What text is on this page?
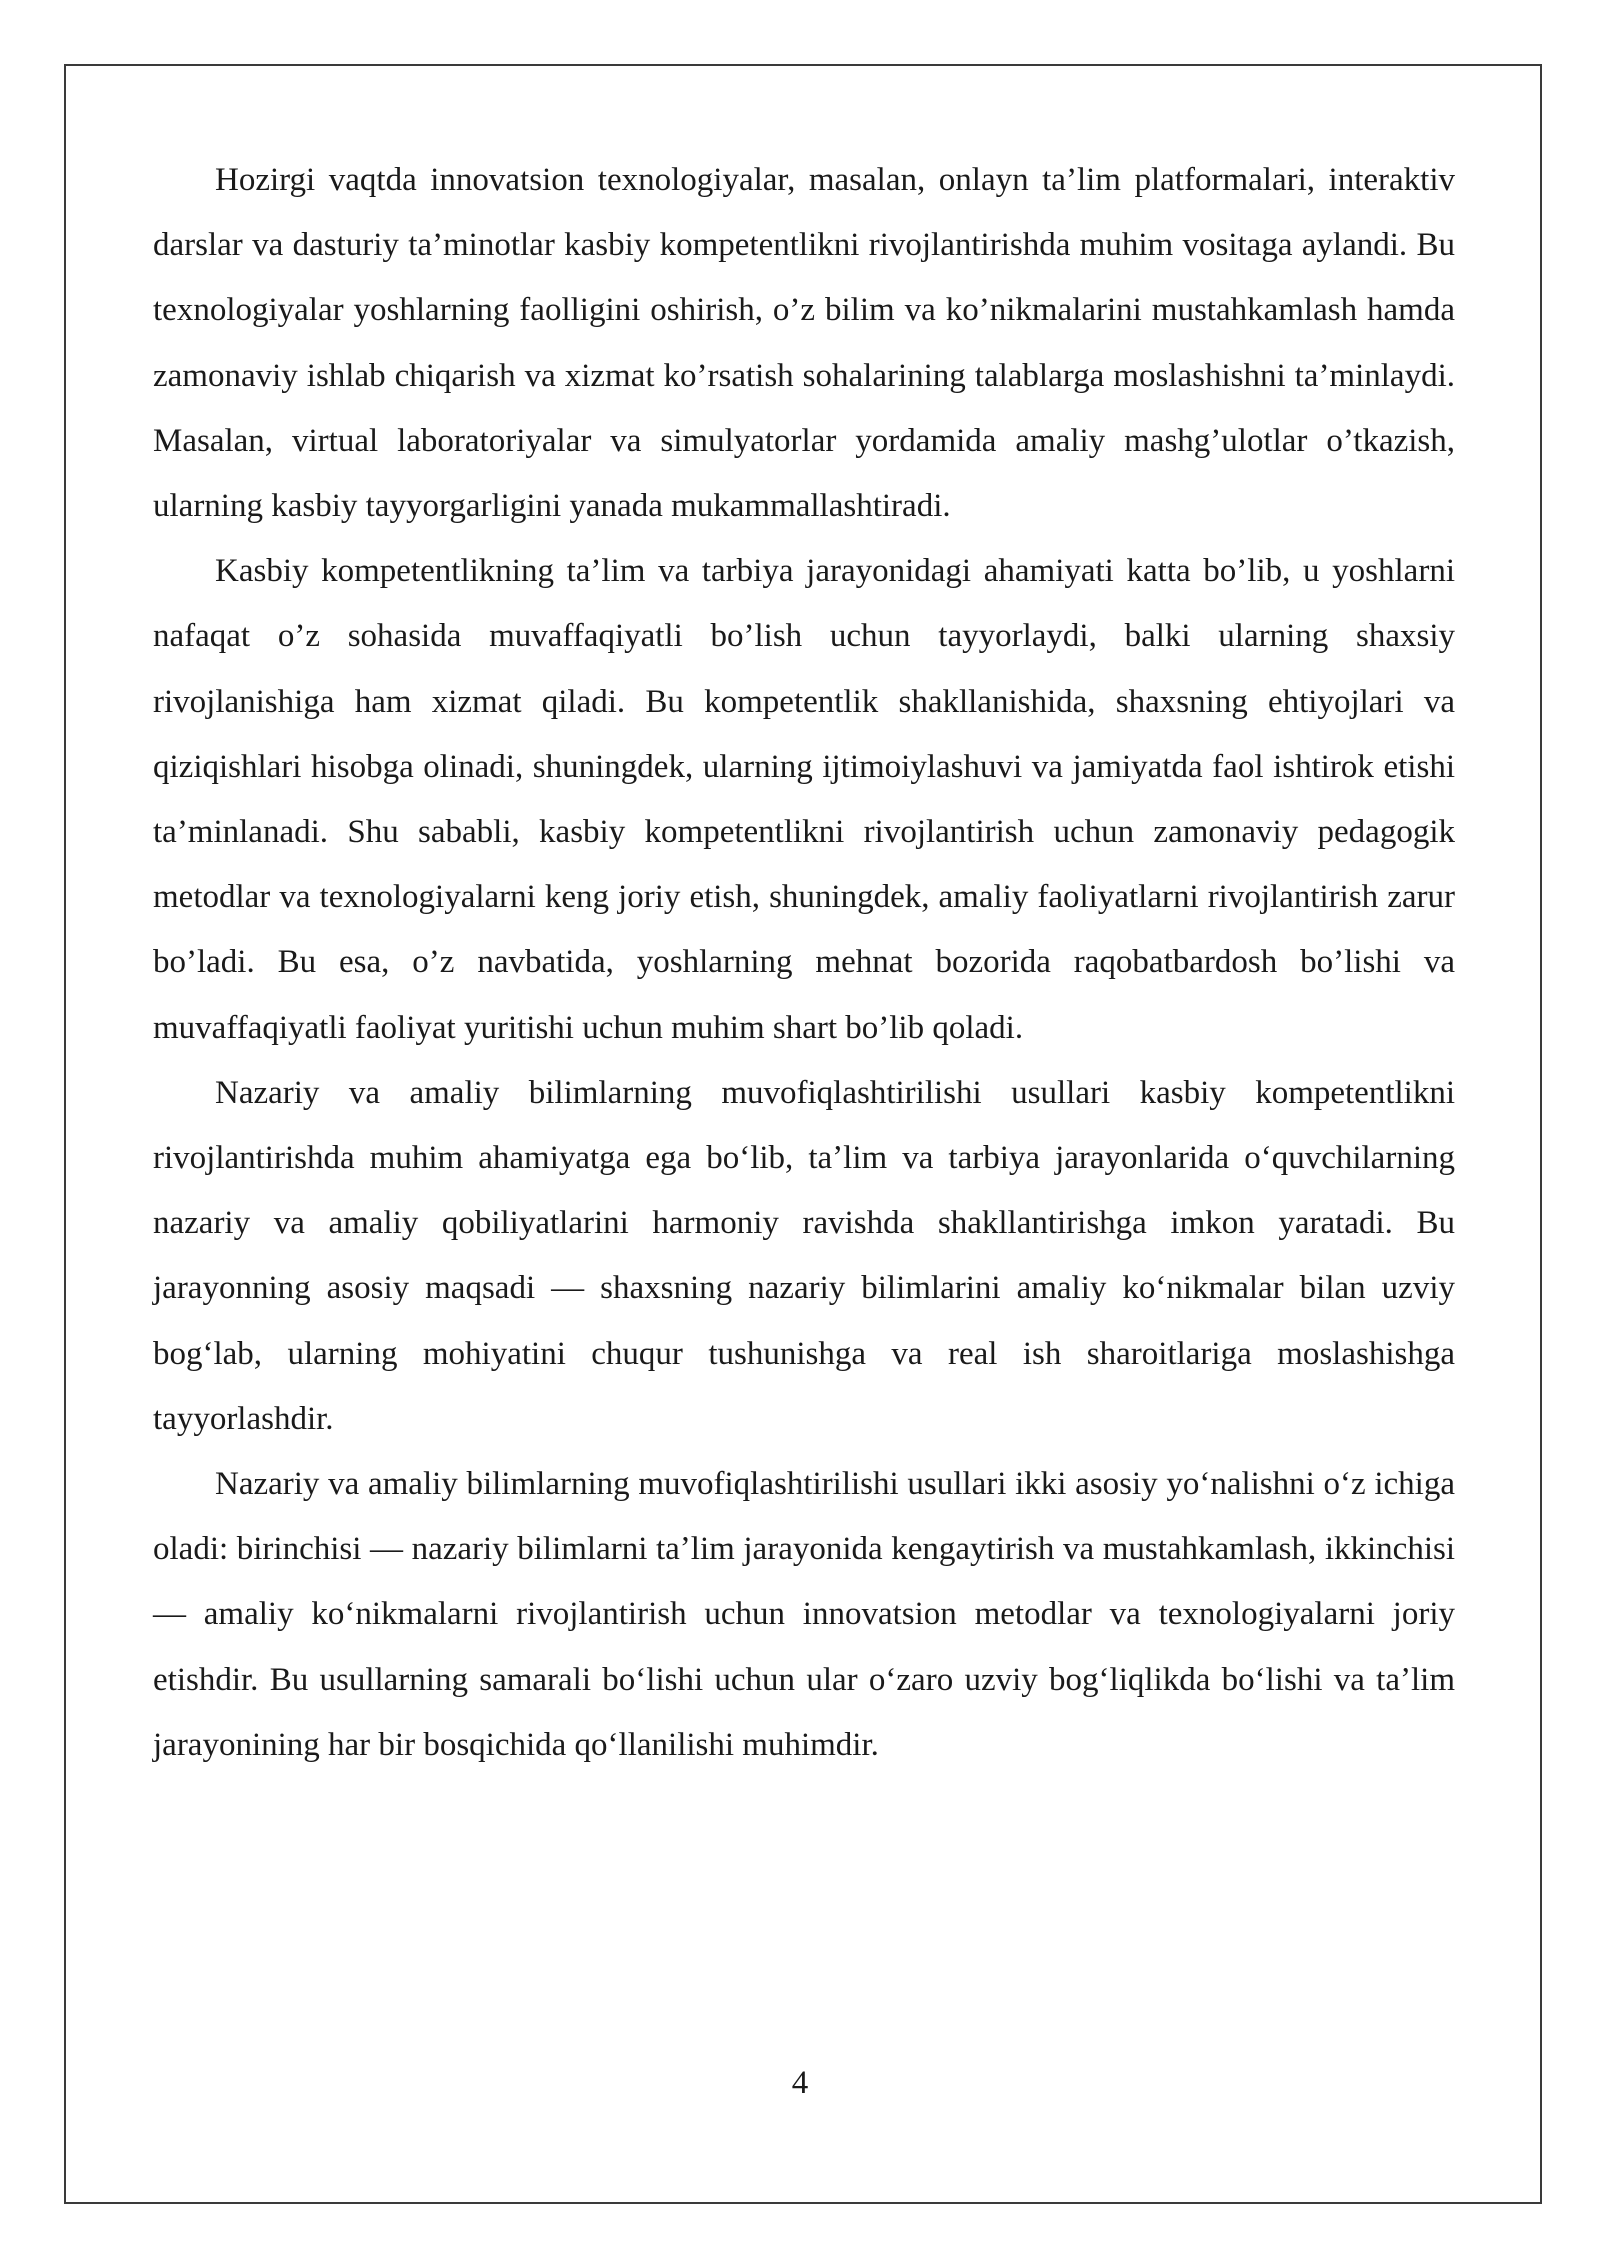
Hozirgi vaqtda innovatsion texnologiyalar, masalan, onlayn ta’lim platformalari, interaktiv darslar va dasturiy ta’minotlar kasbiy kompetentlikni rivojlantirishda muhim vositaga aylandi. Bu texnologiyalar yoshlarning faolligini oshirish, o’z bilim va ko’nikmalarini mustahkamlash hamda zamonaviy ishlab chiqarish va xizmat ko’rsatish sohalarining talablarga moslashishni ta’minlaydi. Masalan, virtual laboratoriyalar va simulyatorlar yordamida amaliy mashg’ulotlar o’tkazish, ularning kasbiy tayyorgarligini yanada mukammallashtiradi.

Kasbiy kompetentlikning ta’lim va tarbiya jarayonidagi ahamiyati katta bo’lib, u yoshlarni nafaqat o’z sohasida muvaffaqiyatli bo’lish uchun tayyorlaydi, balki ularning shaxsiy rivojlanishiga ham xizmat qiladi. Bu kompetentlik shakllanishida, shaxsning ehtiyojlari va qiziqishlari hisobga olinadi, shuningdek, ularning ijtimoiylashuvi va jamiyatda faol ishtirok etishi ta’minlanadi. Shu sababli, kasbiy kompetentlikni rivojlantirish uchun zamonaviy pedagogik metodlar va texnologiyalarni keng joriy etish, shuningdek, amaliy faoliyatlarni rivojlantirish zarur bo’ladi. Bu esa, o’z navbatida, yoshlarning mehnat bozorida raqobatbardosh bo’lishi va muvaffaqiyatli faoliyat yuritishi uchun muhim shart bo’lib qoladi.

Nazariy va amaliy bilimlarning muvofiqlashtirilishi usullari kasbiy kompetentlikni rivojlantirishda muhim ahamiyatga ega boʻlib, taʼlim va tarbiya jarayonlarida oʻquvchilarning nazariy va amaliy qobiliyatlarini harmoniy ravishda shakllantirishga imkon yaratadi. Bu jarayonning asosiy maqsadi — shaxsning nazariy bilimlarini amaliy koʻnikmalar bilan uzviy bogʻlab, ularning mohiyatini chuqur tushunishga va real ish sharoitlariga moslashishga tayyorlashdir.

Nazariy va amaliy bilimlarning muvofiqlashtirilishi usullari ikki asosiy yoʻnalishni oʻz ichiga oladi: birinchisi — nazariy bilimlarni taʼlim jarayonida kengaytirish va mustahkamlash, ikkinchisi — amaliy koʻnikmalarni rivojlantirish uchun innovatsion metodlar va texnologiyalarni joriy etishdir. Bu usullarning samarali boʻlishi uchun ular oʻzaro uzviy bogʻliqlikda boʻlishi va taʼlim jarayonining har bir bosqichida qoʻllanilishi muhimdir.

4
